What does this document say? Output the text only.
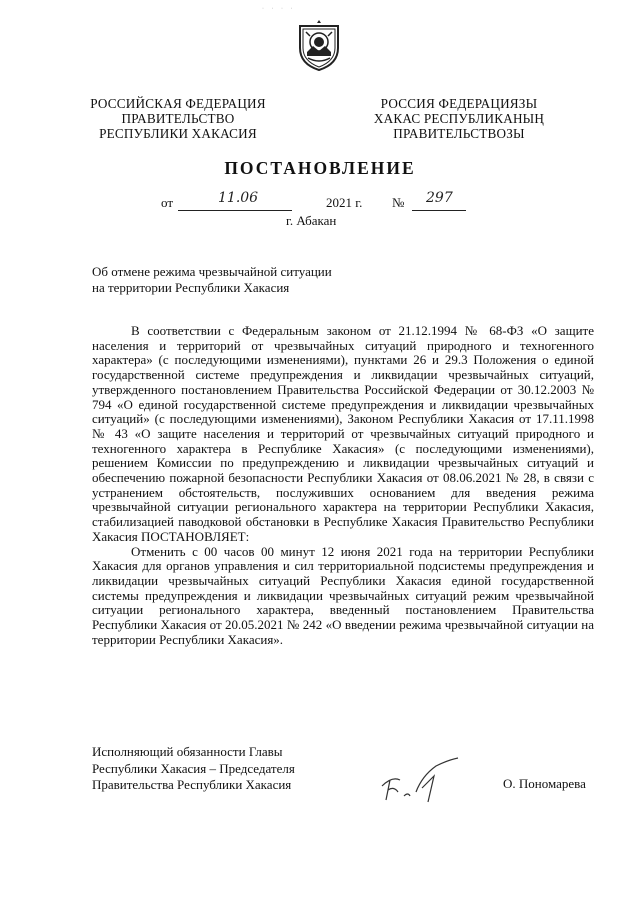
· · · ·
РОССИЙСКАЯ ФЕДЕРАЦИЯ
ПРАВИТЕЛЬСТВО
РЕСПУБЛИКИ ХАКАСИЯ
РОССИЯ ФЕДЕРАЦИЯЗЫ
ХАКАС РЕСПУБЛИКАНЫҢ
ПРАВИТЕЛЬСТВОЗЫ
ПОСТАНОВЛЕНИЕ
от	11.06	2021 г. № 297
г. Абакан
Об отмене режима чрезвычайной ситуации
на территории Республики Хакасия

В соответствии с Федеральным законом от 21.12.1994 № 68-ФЗ «О защите населения и территорий от чрезвычайных ситуаций природного и техногенного характера» (с последующими изменениями), пунктами 26 и 29.3 Положения о единой государственной системе предупреждения и ликвидации чрезвычайных ситуаций, утвержденного постановлением Правительства Российской Федерации от 30.12.2003 № 794 «О единой государственной системе предупреждения и ликвидации чрезвычайных ситуаций» (с последующими изменениями), Законом Республики Хакасия от 17.11.1998 № 43 «О защите населения и территорий от чрезвычайных ситуаций природного и техногенного характера в Республике Хакасия» (с последующими изменениями), решением Комиссии по предупреждению и ликвидации чрезвычайных ситуаций и обеспечению пожарной безопасности Республики Хакасия от 08.06.2021 № 28, в связи с устранением обстоятельств, послуживших основанием для введения режима чрезвычайной ситуации регионального характера на территории Республики Хакасия, стабилизацией паводковой обстановки в Республике Хакасия Правительство Республики Хакасия ПОСТАНОВЛЯЕТ:

Отменить с 00 часов 00 минут 12 июня 2021 года на территории Республики Хакасия для органов управления и сил территориальной подсистемы предупреждения и ликвидации чрезвычайных ситуаций Республики Хакасия единой государственной системы предупреждения и ликвидации чрезвычайных ситуаций режим чрезвычайной ситуации регионального характера, введенный постановлением Правительства Республики Хакасия от 20.05.2021 № 242 «О введении режима чрезвычайной ситуации на территории Республики Хакасия».

Исполняющий обязанности Главы
Республики Хакасия – Председателя
Правительства Республики Хакасия	О. Пономарева
